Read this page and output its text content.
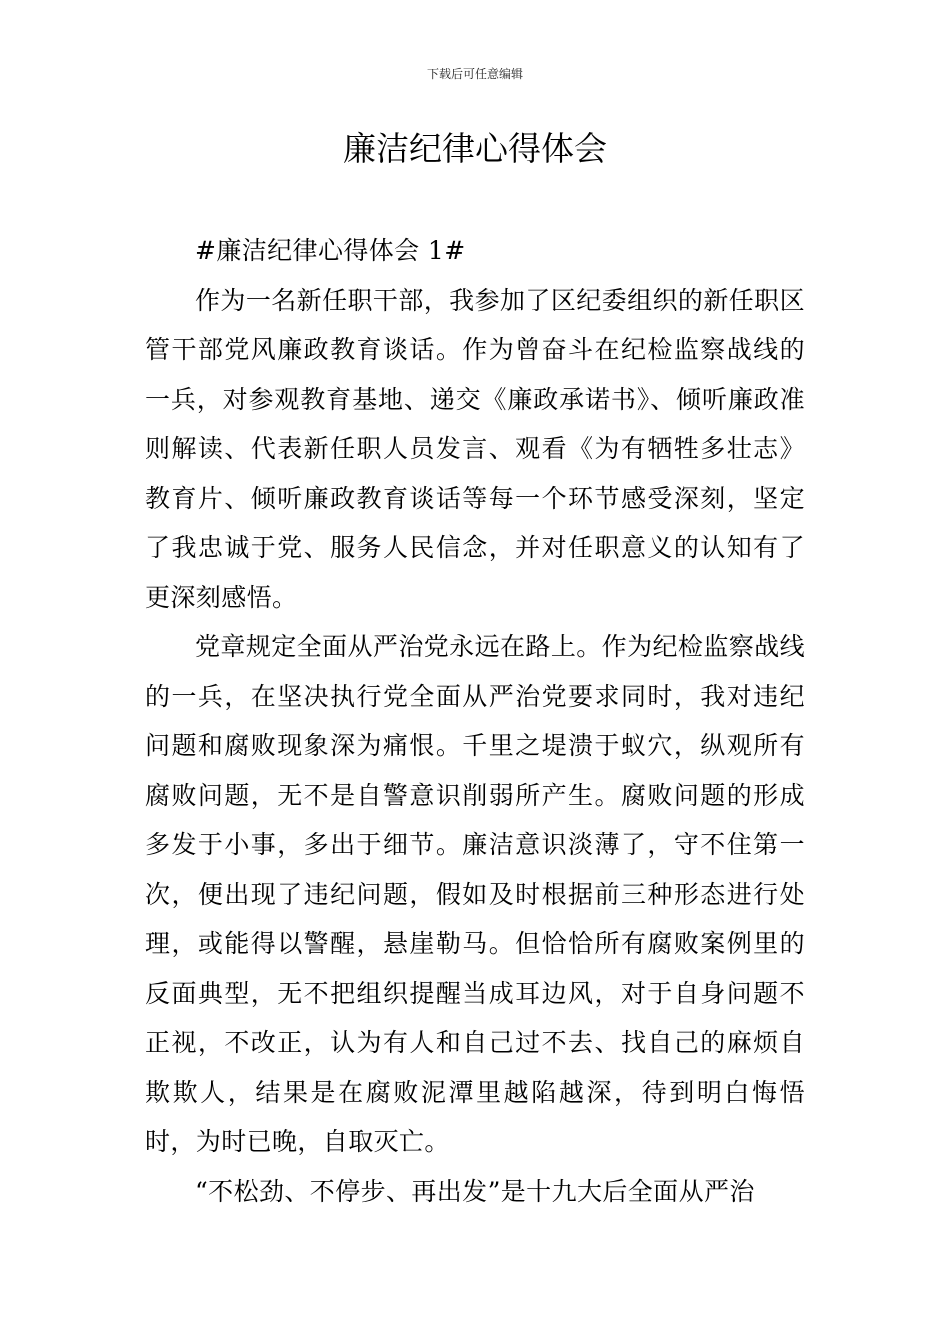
下载后可任意编辑
廉洁纪律心得体会

#廉洁纪律心得体会 1#

作为一名新任职干部，我参加了区纪委组织的新任职区管干部党风廉政教育谈话。作为曾奋斗在纪检监察战线的一兵，对参观教育基地、递交《廉政承诺书》、倾听廉政准则解读、代表新任职人员发言、观看《为有牺牲多壮志》教育片、倾听廉政教育谈话等每一个环节感受深刻，坚定了我忠诚于党、服务人民信念，并对任职意义的认知有了更深刻感悟。

党章规定全面从严治党永远在路上。作为纪检监察战线的一兵，在坚决执行党全面从严治党要求同时，我对违纪问题和腐败现象深为痛恨。千里之堤溃于蚁穴，纵观所有腐败问题，无不是自警意识削弱所产生。腐败问题的形成多发于小事，多出于细节。廉洁意识淡薄了，守不住第一次，便出现了违纪问题，假如及时根据前三种形态进行处理，或能得以警醒，悬崖勒马。但恰恰所有腐败案例里的反面典型，无不把组织提醒当成耳边风，对于自身问题不正视，不改正，认为有人和自己过不去、找自己的麻烦自欺欺人，结果是在腐败泥潭里越陷越深，待到明白悔悟时，为时已晚，自取灭亡。

“不松劲、不停步、再出发”是十九大后全面从严治
